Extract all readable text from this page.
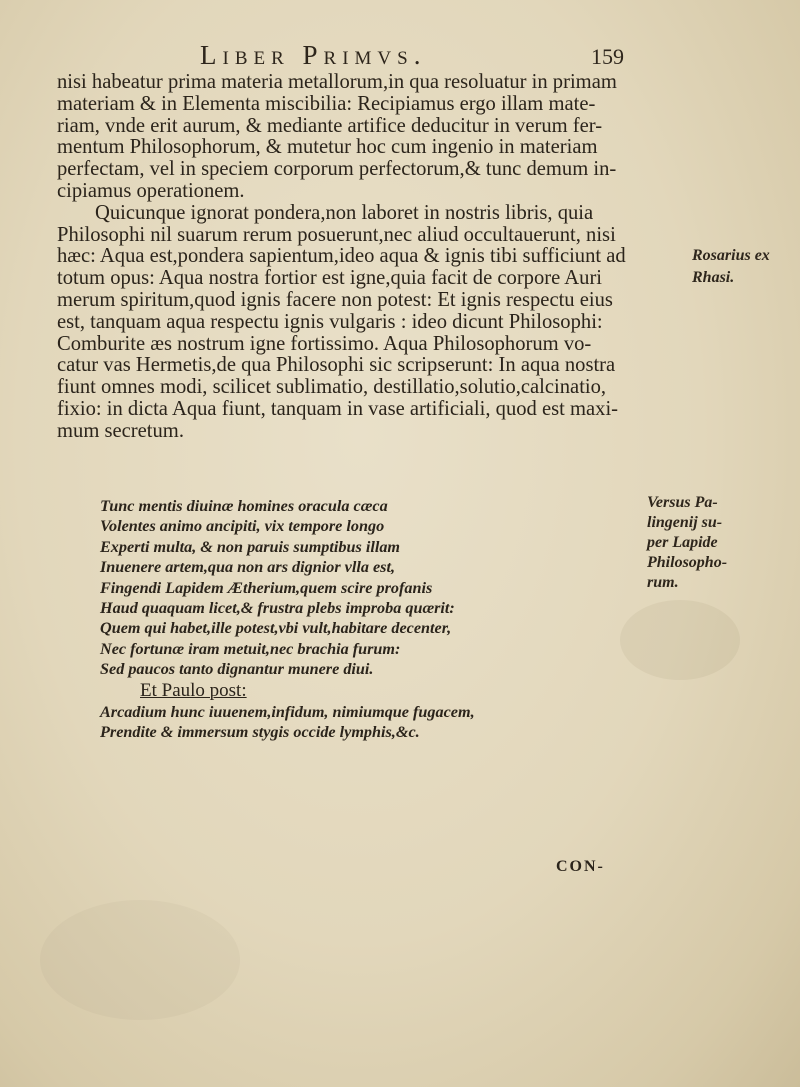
Liber Primvs.	159
nisi habeatur prima materia metallorum,in qua resoluatur in primam
materiam & in Elementa miscibilia: Recipiamus ergo illam mate-
riam, vnde erit aurum, & mediante artifice deducitur in verum fer-
mentum Philosophorum, & mutetur hoc cum ingenio in materiam
perfectam, vel in speciem corporum perfectorum,& tunc demum in-
cipiamus operationem.
Quicunque ignorat pondera,non laboret in nostris libris, quia
Philosophi nil suarum rerum posuerunt,nec aliud occultauerunt, nisi
hæc: Aqua est,pondera sapientum,ideo aqua & ignis tibi sufficiunt ad
totum opus: Aqua nostra fortior est igne,quia facit de corpore Auri
merum spiritum,quod ignis facere non potest: Et ignis respectu eius
est, tanquam aqua respectu ignis vulgaris : ideo dicunt Philosophi:
Comburite æs nostrum igne fortissimo. Aqua Philosophorum vo-
catur vas Hermetis,de qua Philosophi sic scripserunt: In aqua nostra
fiunt omnes modi, scilicet sublimatio, destillatio,solutio,calcinatio,
fixio: in dicta Aqua fiunt, tanquam in vase artificiali, quod est maxi-
mum secretum.
Rosarius ex
Rhasi.
Tunc mentis diuinæ homines oracula cæca
Volentes animo ancipiti, vix tempore longo
Experti multa, & non paruis sumptibus illam
Inuenere artem,qua non ars dignior vlla est,
Fingendi Lapidem Ætherium,quem scire profanis
Haud quaquam licet,& frustra plebs improba quærit:
Quem qui habet,ille potest,vbi vult,habitare decenter,
Nec fortunæ iram metuit,nec brachia furum:
Sed paucos tanto dignantur munere diui.
Et Paulo post:
Arcadium hunc iuuenem,infidum, nimiumque fugacem,
Prendite & immersum stygis occide lymphis,&c.
Versus Pa-
lingenij su-
per Lapide
Philosopho-
rum.
CON-
